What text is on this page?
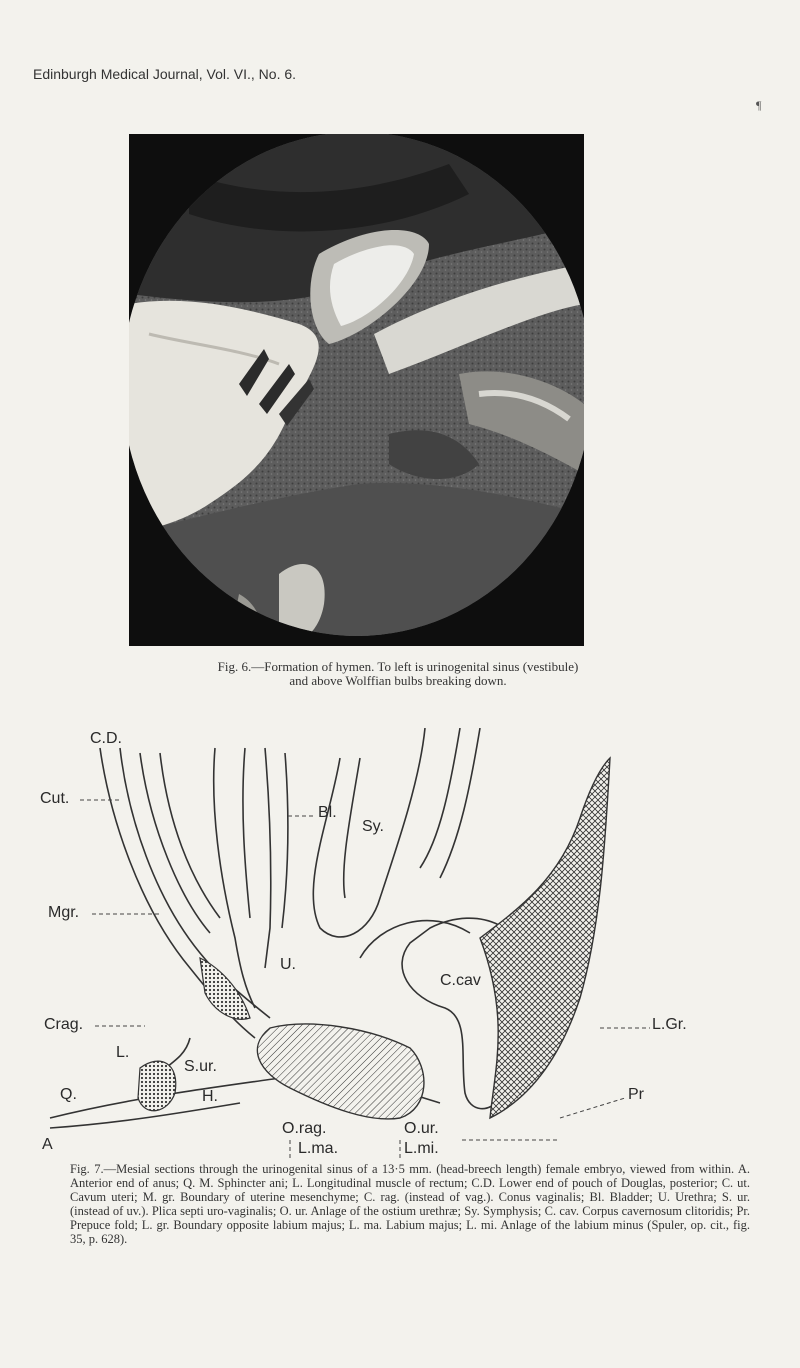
Edinburgh Medical Journal, Vol. VI., No. 6.
¶
Fig. 6.—Formation of hymen. To left is urinogenital sinus (vestibule)
and above Wolffian bulbs breaking down.
C.D.
Cut.
Mgr.
Crag.
L.
S.ur.
Q.	H.
A
Bl.
Sy.
U.
C.cav
L.Gr.
Pr
O.rag.	O.ur.
L.ma.	L.mi.
Fig. 7.—Mesial sections through the urinogenital sinus of a 13·5 mm. (head-breech length) female embryo, viewed from within. A. Anterior end of anus; Q. M. Sphincter ani; L. Longitudinal muscle of rectum; C.D. Lower end of pouch of Douglas, posterior; C. ut. Cavum uteri; M. gr. Boundary of uterine mesenchyme; C. rag. (instead of vag.). Conus vaginalis; Bl. Bladder; U. Urethra; S. ur. (instead of uv.). Plica septi uro-vaginalis; O. ur. Anlage of the ostium urethræ; Sy. Symphysis; C. cav. Corpus cavernosum clitoridis; Pr. Prepuce fold; L. gr. Boundary opposite labium majus; L. ma. Labium majus; L. mi. Anlage of the labium minus (Spuler, op. cit., fig. 35, p. 628).
